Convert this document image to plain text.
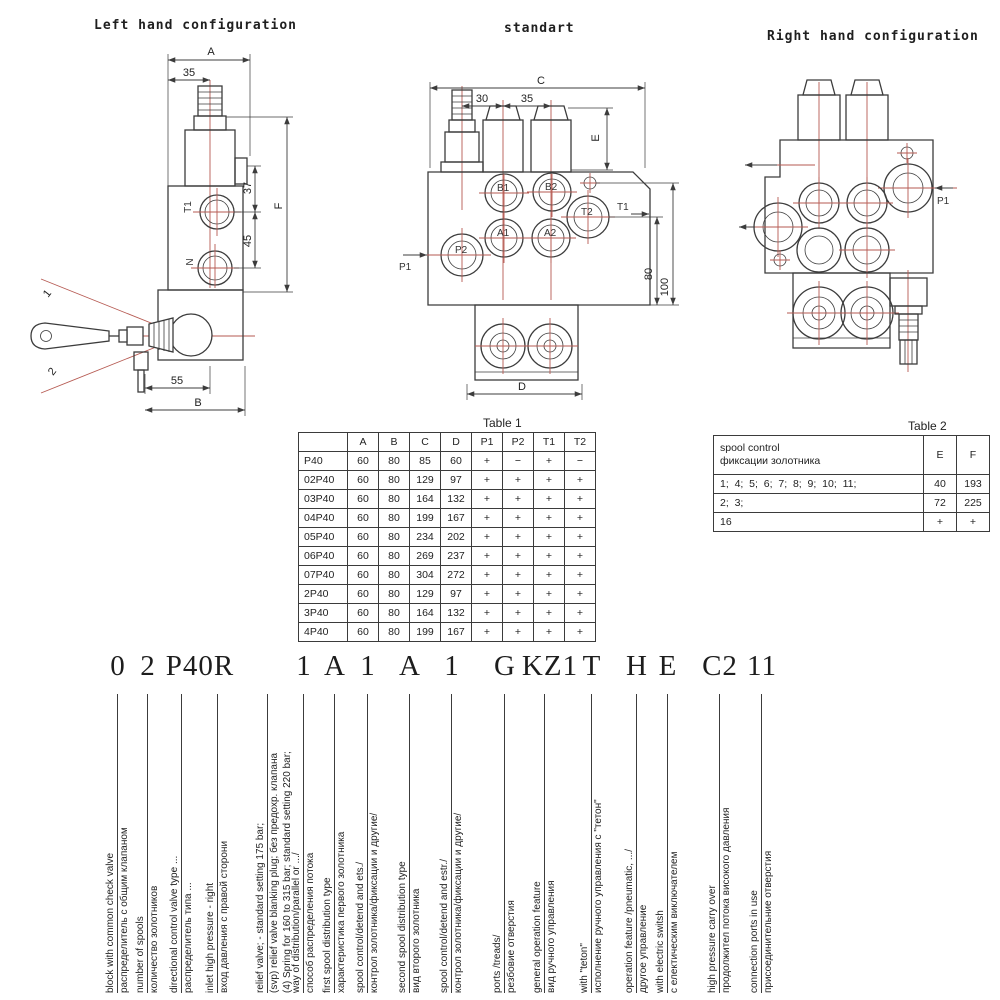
Left hand configuration	standart
Right hand configuration
A
35
T1
N
37
45
F
1
2
55
B
C
30	35
E
B1	B2
T2
A1	A2
P2
T1
P1
80
100
D
P1
Table 1
	A	B	C	D	P1	P2	T1	T2
P40	60	80	85	60	+	−	+	−
02P40	60	80	129	97	+	+	+	+
03P40	60	80	164	132	+	+	+	+
04P40	60	80	199	167	+	+	+	+
05P40	60	80	234	202	+	+	+	+
06P40	60	80	269	237	+	+	+	+
07P40	60	80	304	272	+	+	+	+
2P40	60	80	129	97	+	+	+	+
3P40	60	80	164	132	+	+	+	+
4P40	60	80	199	167	+	+	+	+
Table 2
spool control
фиксации золотника	E	F
1;  4;  5;  6;  7;  8;  9;  10;  11;	40	193
2;  3;	72	225
16	+	+
0 2 P40R 1 A 1 A 1 G KZ1 T H E C2 11
block with common check valve распределитель с общим клапаном number of spools количество золотников directional control valve type ... распределитель типа ... inlet high pressure - right вход давления с правой сторони	relief valve; - standard setting 175 bar; (svp) relief valve blanking plug; без предохр. клапана (4) Spring for 160 to 315 bar; standard setting 220 bar;
way of distribution/parallel or .../ способ распределения потока first spool distribution type характеристика первого золотника spool control/detend and ets./ контрол золотника/фиксации и другие/ second spool distribution type вид второго золотника spool control/detend and estr./ контрол золотника/фиксации и другие/	ports /treads/ резбовие отверстия general operation feature вид ручного управления with "teton" исполнение ручного управления с "тетон" operation feature /pneumatic, .../ другое управление with electric switsh с електическим виключателем	high pressure carry over продолжител потока високого давления connection ports in use присоединительние отверстия
